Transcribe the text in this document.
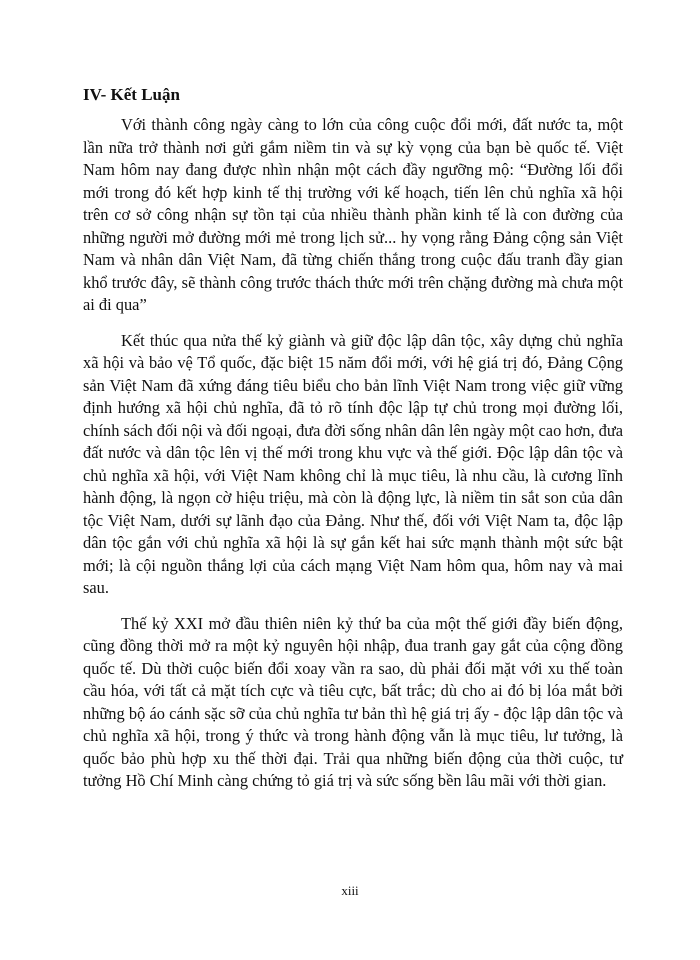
IV- Kết Luận

Với thành công ngày càng to lớn của công cuộc đổi mới, đất nước ta, một lần nữa trở thành nơi gửi gắm niềm tin và sự kỳ vọng của bạn bè quốc tế. Việt Nam hôm nay đang được nhìn nhận một cách đầy ngưỡng mộ: “Đường lối đổi mới trong đó kết hợp kinh tế thị trường với kế hoạch, tiến lên chủ nghĩa xã hội trên cơ sở công nhận sự tồn tại của nhiều thành phần kinh tế là con đường của những người mở đường mới mẻ trong lịch sử... hy vọng rằng Đảng cộng sản Việt Nam và nhân dân Việt Nam, đã từng chiến thắng trong cuộc đấu tranh đầy gian khổ trước đây, sẽ thành công trước thách thức mới trên chặng đường mà chưa một ai đi qua”

Kết thúc qua nửa thế kỷ giành và giữ độc lập dân tộc, xây dựng chủ nghĩa xã hội và bảo vệ Tổ quốc, đặc biệt 15 năm đổi mới, với hệ giá trị đó, Đảng Cộng sản Việt Nam đã xứng đáng tiêu biểu cho bản lĩnh Việt Nam trong việc giữ vững định hướng xã hội chủ nghĩa, đã tỏ rõ tính độc lập tự chủ trong mọi đường lối, chính sách đối nội và đối ngoại, đưa đời sống nhân dân lên ngày một cao hơn, đưa đất nước và dân tộc lên vị thế mới trong khu vực và thế giới. Độc lập dân tộc và chủ nghĩa xã hội, với Việt Nam không chỉ là mục tiêu, là nhu cầu, là cương lĩnh hành động, là ngọn cờ hiệu triệu, mà còn là động lực, là niềm tin sắt son của dân tộc Việt Nam, dưới sự lãnh đạo của Đảng. Như thế, đối với Việt Nam ta, độc lập dân tộc gắn với chủ nghĩa xã hội là sự gắn kết hai sức mạnh thành một sức bật mới; là cội nguồn thắng lợi của cách mạng Việt Nam hôm qua, hôm nay và mai sau.

Thế kỷ XXI mở đầu thiên niên kỷ thứ ba của một thế giới đầy biến động, cũng đồng thời mở ra một kỷ nguyên hội nhập, đua tranh gay gắt của cộng đồng quốc tế. Dù thời cuộc biến đổi xoay vần ra sao, dù phải đối mặt với xu thế toàn cầu hóa, với tất cả mặt tích cực và tiêu cực, bất trắc; dù cho ai đó bị lóa mắt bởi những bộ áo cánh sặc sỡ của chủ nghĩa tư bản thì hệ giá trị ấy - độc lập dân tộc và chủ nghĩa xã hội, trong ý thức và trong hành động vẫn là mục tiêu, lư tưởng, là quốc bảo phù hợp xu thế thời đại. Trải qua những biến động của thời cuộc, tư tưởng Hồ Chí Minh càng chứng tỏ giá trị và sức sống bền lâu mãi với thời gian.

xiii
